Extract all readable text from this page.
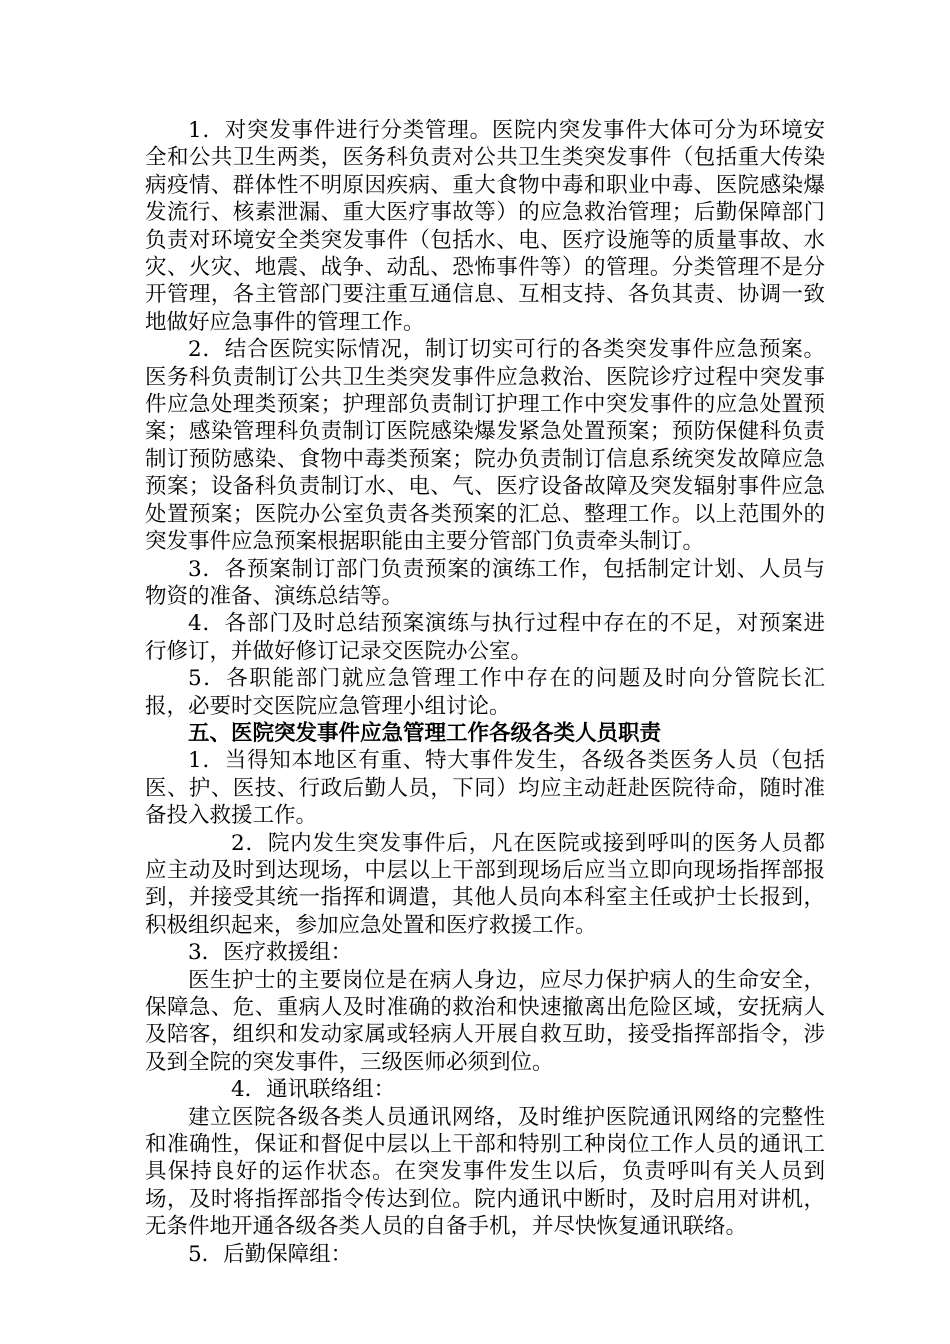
1．对突发事件进行分类管理。医院内突发事件大体可分为环境安全和公共卫生两类，医务科负责对公共卫生类突发事件（包括重大传染病疫情、群体性不明原因疾病、重大食物中毒和职业中毒、医院感染爆发流行、核素泄漏、重大医疗事故等）的应急救治管理；后勤保障部门负责对环境安全类突发事件（包括水、电、医疗设施等的质量事故、水灾、火灾、地震、战争、动乱、恐怖事件等）的管理。分类管理不是分开管理，各主管部门要注重互通信息、互相支持、各负其责、协调一致地做好应急事件的管理工作。

2．结合医院实际情况，制订切实可行的各类突发事件应急预案。医务科负责制订公共卫生类突发事件应急救治、医院诊疗过程中突发事件应急处理类预案；护理部负责制订护理工作中突发事件的应急处置预案；感染管理科负责制订医院感染爆发紧急处置预案；预防保健科负责制订预防感染、食物中毒类预案；院办负责制订信息系统突发故障应急预案；设备科负责制订水、电、气、医疗设备故障及突发辐射事件应急处置预案；医院办公室负责各类预案的汇总、整理工作。以上范围外的突发事件应急预案根据职能由主要分管部门负责牵头制订。

3．各预案制订部门负责预案的演练工作，包括制定计划、人员与物资的准备、演练总结等。

4．各部门及时总结预案演练与执行过程中存在的不足，对预案进行修订，并做好修订记录交医院办公室。

5．各职能部门就应急管理工作中存在的问题及时向分管院长汇报，必要时交医院应急管理小组讨论。

五、医院突发事件应急管理工作各级各类人员职责

1．当得知本地区有重、特大事件发生，各级各类医务人员（包括医、护、医技、行政后勤人员，下同）均应主动赶赴医院待命，随时准备投入救援工作。

2．院内发生突发事件后，凡在医院或接到呼叫的医务人员都应主动及时到达现场，中层以上干部到现场后应当立即向现场指挥部报到，并接受其统一指挥和调遣，其他人员向本科室主任或护士长报到，积极组织起来，参加应急处置和医疗救援工作。

3．医疗救援组：

医生护士的主要岗位是在病人身边，应尽力保护病人的生命安全，保障急、危、重病人及时准确的救治和快速撤离出危险区域，安抚病人及陪客，组织和发动家属或轻病人开展自救互助，接受指挥部指令，涉及到全院的突发事件，三级医师必须到位。

4．通讯联络组：

建立医院各级各类人员通讯网络，及时维护医院通讯网络的完整性和准确性，保证和督促中层以上干部和特别工种岗位工作人员的通讯工具保持良好的运作状态。在突发事件发生以后，负责呼叫有关人员到场，及时将指挥部指令传达到位。院内通讯中断时，及时启用对讲机，无条件地开通各级各类人员的自备手机，并尽快恢复通讯联络。

5．后勤保障组：
